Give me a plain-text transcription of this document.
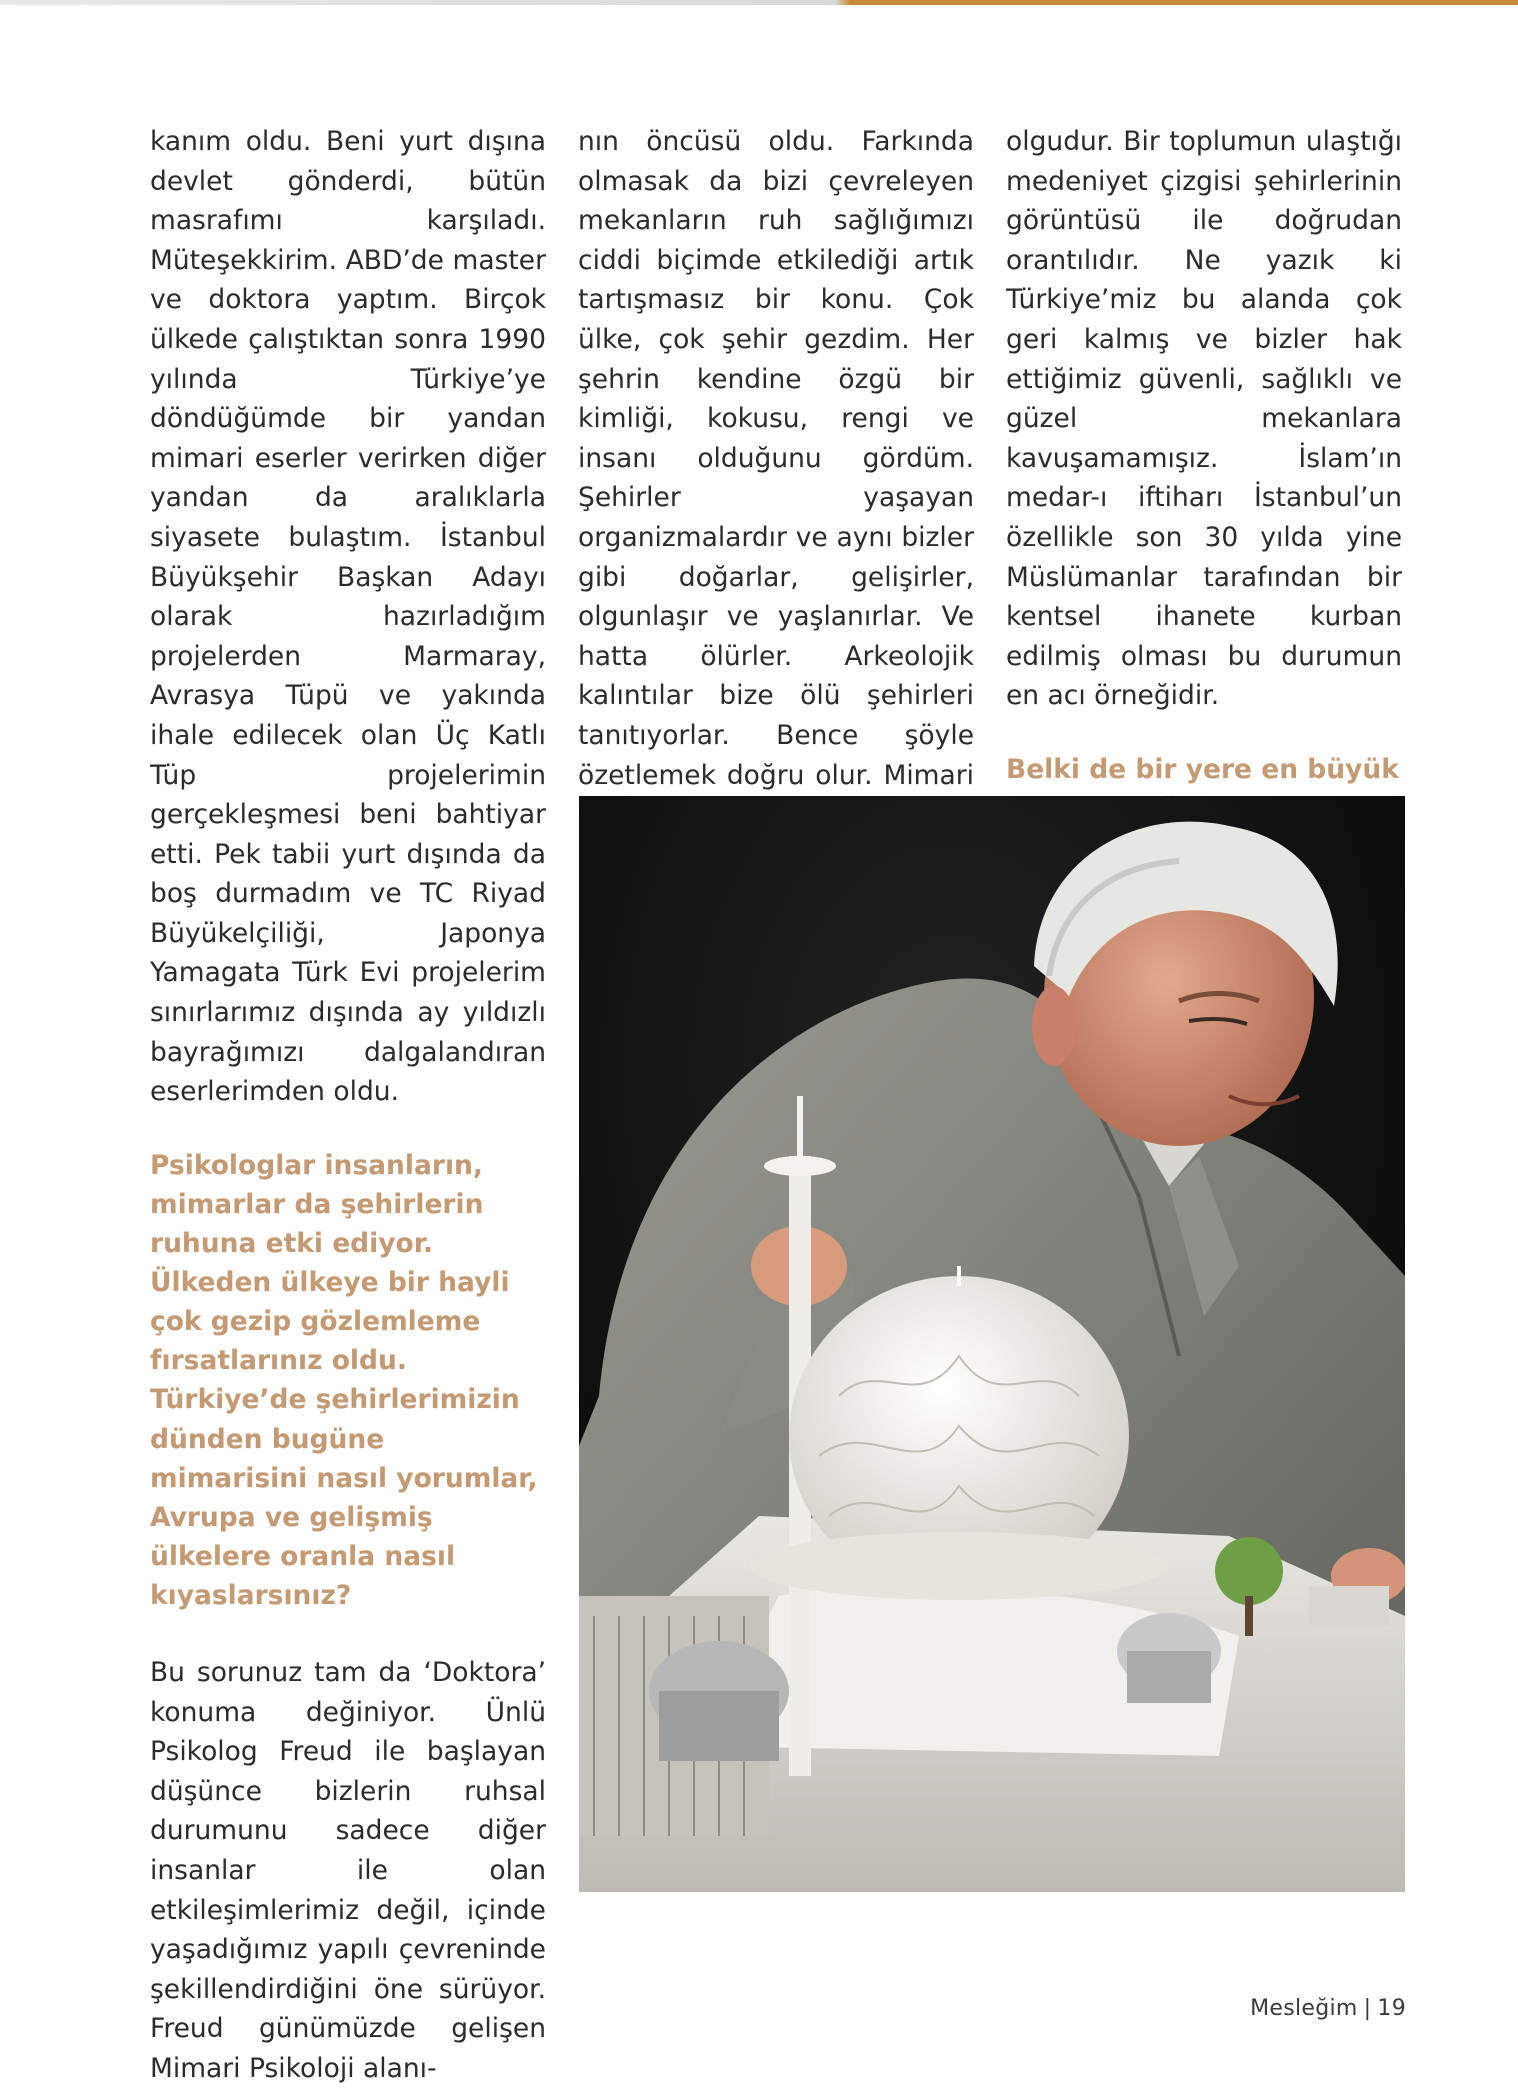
kanım oldu. Beni yurt dışına devlet gönderdi, bütün masrafımı karşıladı. Müteşekkirim. ABD’de master ve doktora yaptım. Birçok ülkede çalıştıktan sonra 1990 yılında Türkiye’ye döndüğümde bir yandan mimari eserler verirken diğer yandan da aralıklarla siyasete bulaştım. İstanbul Büyükşehir Başkan Adayı olarak hazırladığım projelerden Marmaray, Avrasya Tüpü ve yakında ihale edilecek olan Üç Katlı Tüp projelerimin gerçekleşmesi beni bahtiyar etti. Pek tabii yurt dışında da boş durmadım ve TC Riyad Büyükelçiliği, Japonya Yamagata Türk Evi projelerim sınırlarımız dışında ay yıldızlı bayrağımızı dalgalandıran eserlerimden oldu.

Psikologlar insanların, mimarlar da şehirlerin ruhuna etki ediyor. Ülkeden ülkeye bir hayli çok gezip gözlemleme fırsatlarınız oldu. Türkiye’de şehirlerimizin dünden bugüne mimarisini nasıl yorumlar, Avrupa ve gelişmiş ülkelere oranla nasıl kıyaslarsınız?

Bu sorunuz tam da ‘Doktora’ konuma değiniyor. Ünlü Psikolog Freud ile başlayan düşünce bizlerin ruhsal durumunu sadece diğer insanlar ile olan etkileşimlerimiz değil, içinde yaşadığımız yapılı çevreninde şekillendirdiğini öne sürüyor. Freud günümüzde gelişen Mimari Psikoloji alanı-

nın öncüsü oldu. Farkında olmasak da bizi çevreleyen mekanların ruh sağlığımızı ciddi biçimde etkilediği artık tartışmasız bir konu. Çok ülke, çok şehir gezdim. Her şehrin kendine özgü bir kimliği, kokusu, rengi ve insanı olduğunu gördüm. Şehirler yaşayan organizmalardır ve aynı bizler gibi doğarlar, gelişirler, olgunlaşır ve yaşlanırlar. Ve hatta ölürler. Arkeolojik kalıntılar bize ölü şehirleri tanıtıyorlar. Bence şöyle özetlemek doğru olur. Mimari

olgudur. Bir toplumun ulaştığı medeniyet çizgisi şehirlerinin görüntüsü ile doğrudan orantılıdır. Ne yazık ki Türkiye’miz bu alanda çok geri kalmış ve bizler hak ettiğimiz güvenli, sağlıklı ve güzel mekanlara kavuşamamışız. İslam’ın medar-ı iftiharı İstanbul’un özellikle son 30 yılda yine Müslümanlar tarafından bir kentsel ihanete kurban edilmiş olması bu durumun en acı örneğidir.

Belki de bir yere en büyük

Mesleğim | 19
